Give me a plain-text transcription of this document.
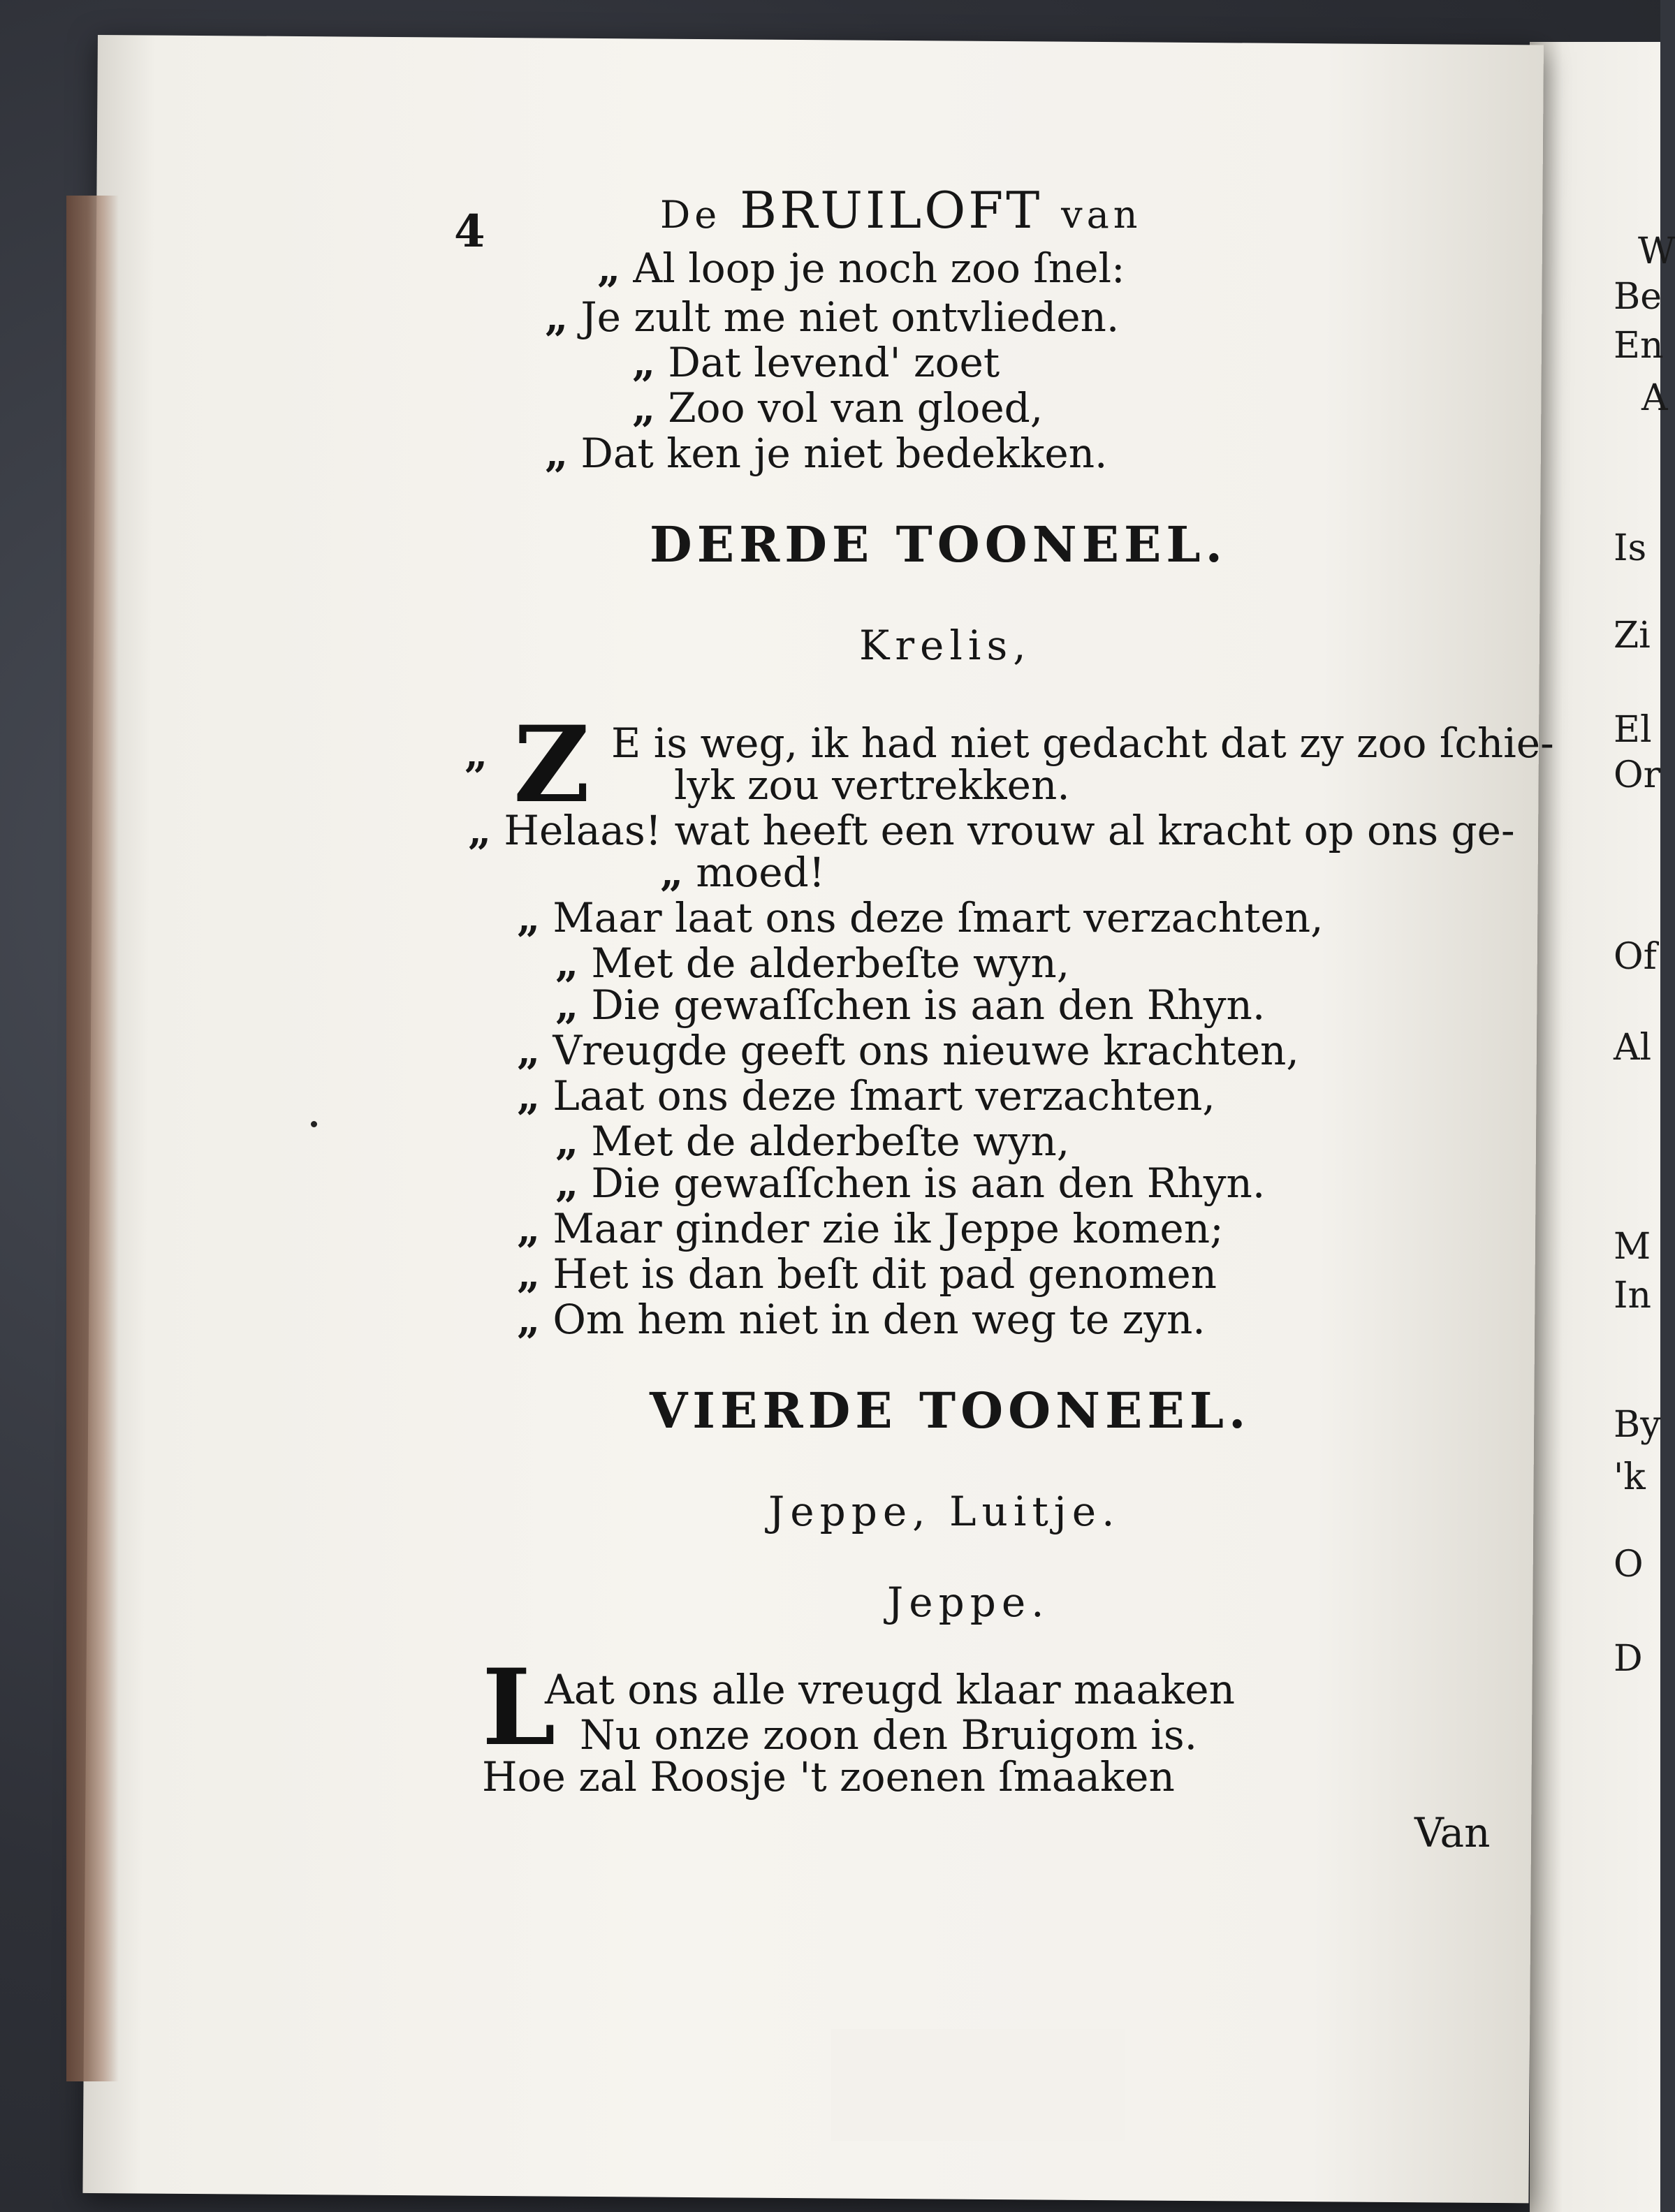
W
Be
En
A
Is
Zi
El
Or
Of
Al
M
In
By
'k
O
D
4	De BRUILOFT van
„ Al loop je noch zoo ſnel:
„ Je zult me niet ontvlieden.
„ Dat levend' zoet
„ Zoo vol van gloed,
„ Dat ken je niet bedekken.
DERDE TOONEEL.
Krelis,
„ Z E is weg, ik had niet gedacht dat zy zoo ſchie-
lyk zou vertrekken.
„ Helaas! wat heeft een vrouw al kracht op ons ge-
„ moed!
„ Maar laat ons deze ſmart verzachten,
„ Met de alderbeſte wyn,
„ Die gewaſſchen is aan den Rhyn.
„ Vreugde geeft ons nieuwe krachten,
„ Laat ons deze ſmart verzachten,
„ Met de alderbeſte wyn,
„ Die gewaſſchen is aan den Rhyn.
„ Maar ginder zie ik Jeppe komen;
„ Het is dan beſt dit pad genomen
„ Om hem niet in den weg te zyn.
VIERDE TOONEEL.
Jeppe, Luitje.
Jeppe.
L
Aat ons alle vreugd klaar maaken
Nu onze zoon den Bruigom is.
Hoe zal Roosje 't zoenen ſmaaken
Van
